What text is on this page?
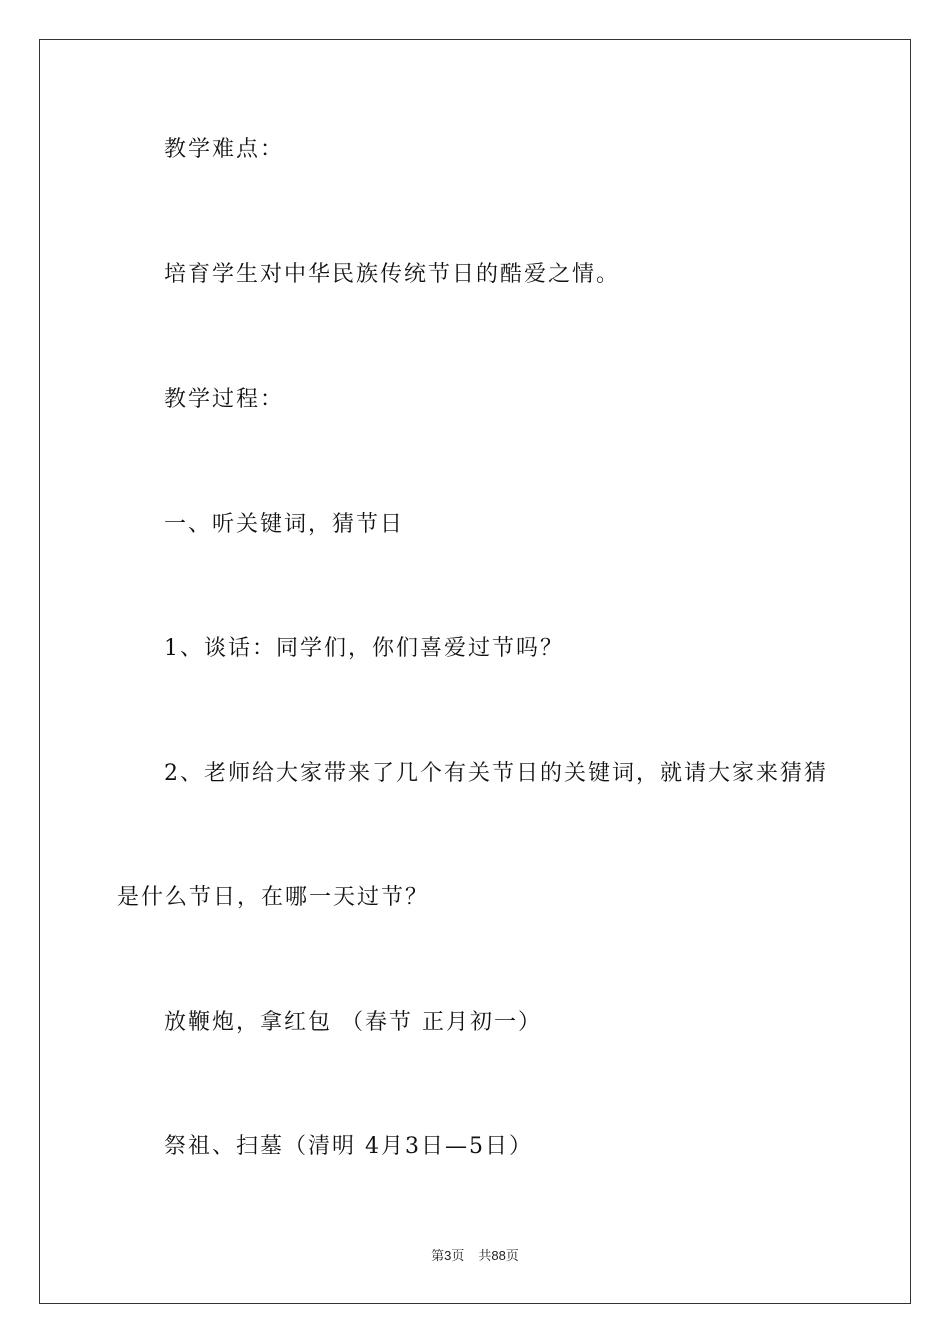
教学难点：
培育学生对中华民族传统节日的酷爱之情。
教学过程：
一、听关键词，猜节日
1、谈话：同学们，你们喜爱过节吗？
2、老师给大家带来了几个有关节日的关键词，就请大家来猜猜
是什么节日，在哪一天过节？
放鞭炮，拿红包 （春节 正月初一）
祭祖、扫墓（清明 4月3日—5日）
第3页 共88页
